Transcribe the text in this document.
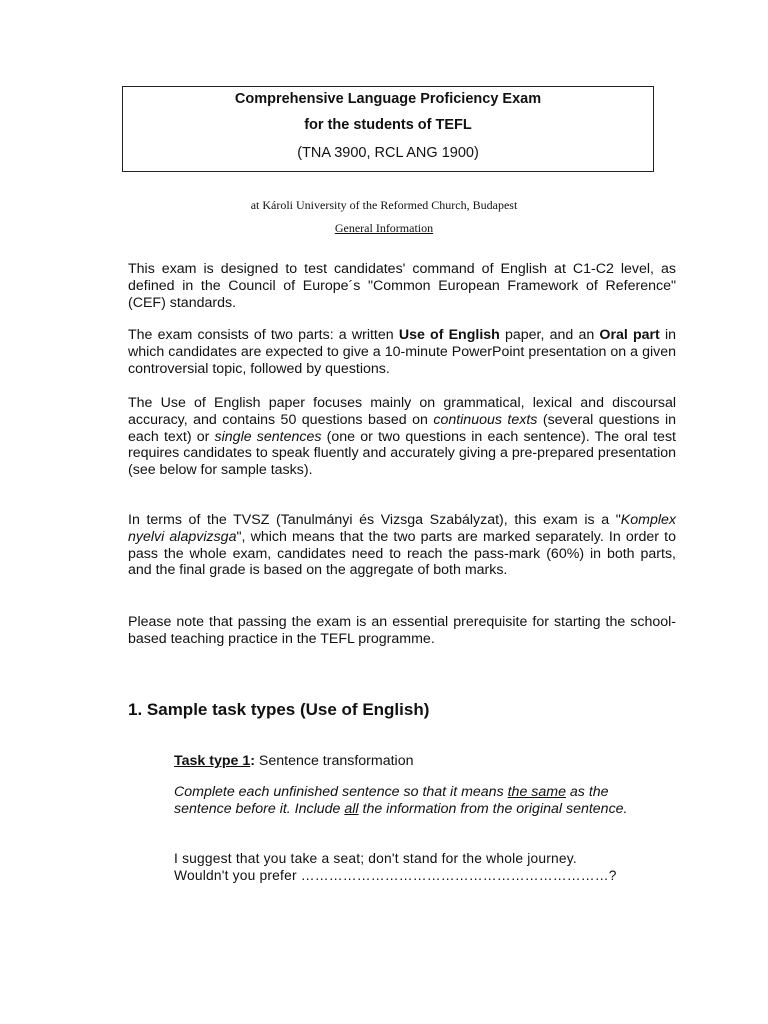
Comprehensive Language Proficiency Exam
for the students of TEFL
(TNA 3900, RCL ANG 1900)
at Károli University of the Reformed Church, Budapest
General Information

This exam is designed to test candidates' command of English at C1-C2 level, as defined in the Council of Europe´s "Common European Framework of Reference" (CEF) standards.

The exam consists of two parts: a written Use of English paper, and an Oral part in which candidates are expected to give a 10-minute PowerPoint presentation on a given controversial topic, followed by questions.

The Use of English paper focuses mainly on grammatical, lexical and discoursal accuracy, and contains 50 questions based on continuous texts (several questions in each text) or single sentences (one or two questions in each sentence). The oral test requires candidates to speak fluently and accurately giving a pre-prepared presentation (see below for sample tasks).

In terms of the TVSZ (Tanulmányi és Vizsga Szabályzat), this exam is a "Komplex nyelvi alapvizsga", which means that the two parts are marked separately. In order to pass the whole exam, candidates need to reach the pass-mark (60%) in both parts, and the final grade is based on the aggregate of both marks.

Please note that passing the exam is an essential prerequisite for starting the school-based teaching practice in the TEFL programme.

1. Sample task types (Use of English)
Task type 1: Sentence transformation

Complete each unfinished sentence so that it means the same as the sentence before it. Include all the information from the original sentence.

I suggest that you take a seat; don't stand for the whole journey.
Wouldn't you prefer …………………………………………………………?
